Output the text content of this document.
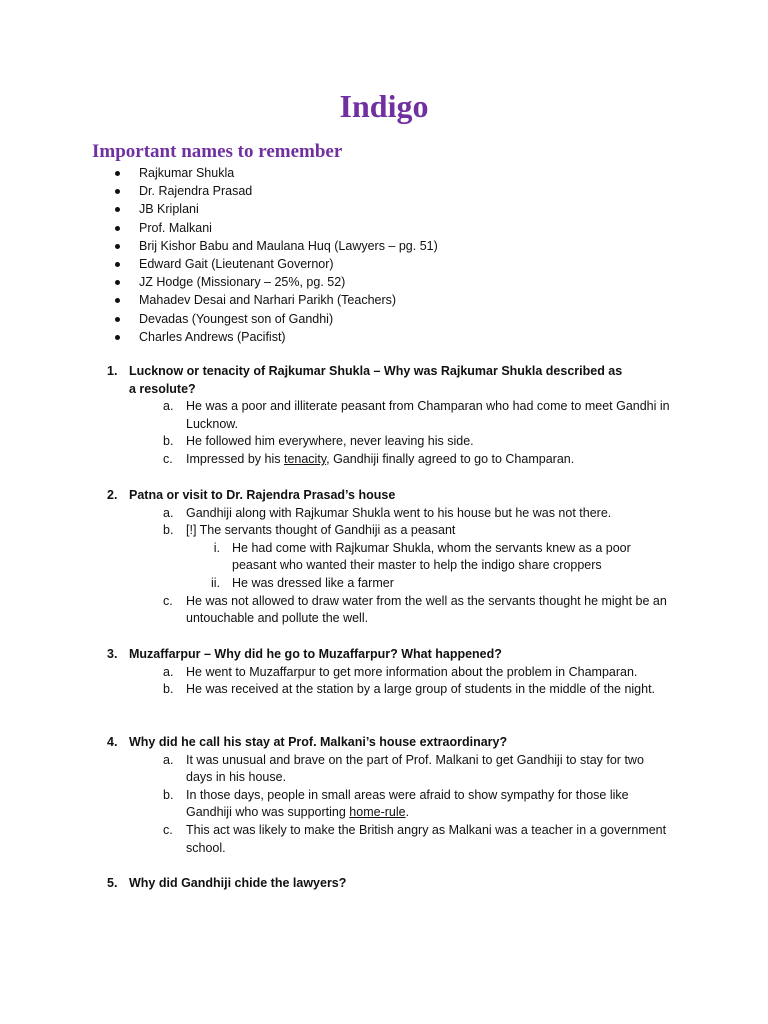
Indigo
Important names to remember
Rajkumar Shukla
Dr. Rajendra Prasad
JB Kriplani
Prof. Malkani
Brij Kishor Babu and Maulana Huq (Lawyers – pg. 51)
Edward Gait (Lieutenant Governor)
JZ Hodge (Missionary – 25%, pg. 52)
Mahadev Desai and Narhari Parikh (Teachers)
Devadas (Youngest son of Gandhi)
Charles Andrews (Pacifist)
1. Lucknow or tenacity of Rajkumar Shukla – Why was Rajkumar Shukla described as a resolute?
a. He was a poor and illiterate peasant from Champaran who had come to meet Gandhi in Lucknow.
b. He followed him everywhere, never leaving his side.
c. Impressed by his tenacity, Gandhiji finally agreed to go to Champaran.
2. Patna or visit to Dr. Rajendra Prasad’s house
a. Gandhiji along with Rajkumar Shukla went to his house but he was not there.
b. [!] The servants thought of Gandhiji as a peasant
i. He had come with Rajkumar Shukla, whom the servants knew as a poor peasant who wanted their master to help the indigo share croppers
ii. He was dressed like a farmer
c. He was not allowed to draw water from the well as the servants thought he might be an untouchable and pollute the well.
3. Muzaffarpur – Why did he go to Muzaffarpur? What happened?
a. He went to Muzaffarpur to get more information about the problem in Champaran.
b. He was received at the station by a large group of students in the middle of the night.
4. Why did he call his stay at Prof. Malkani’s house extraordinary?
a. It was unusual and brave on the part of Prof. Malkani to get Gandhiji to stay for two days in his house.
b. In those days, people in small areas were afraid to show sympathy for those like Gandhiji who was supporting home-rule.
c. This act was likely to make the British angry as Malkani was a teacher in a government school.
5. Why did Gandhiji chide the lawyers?
